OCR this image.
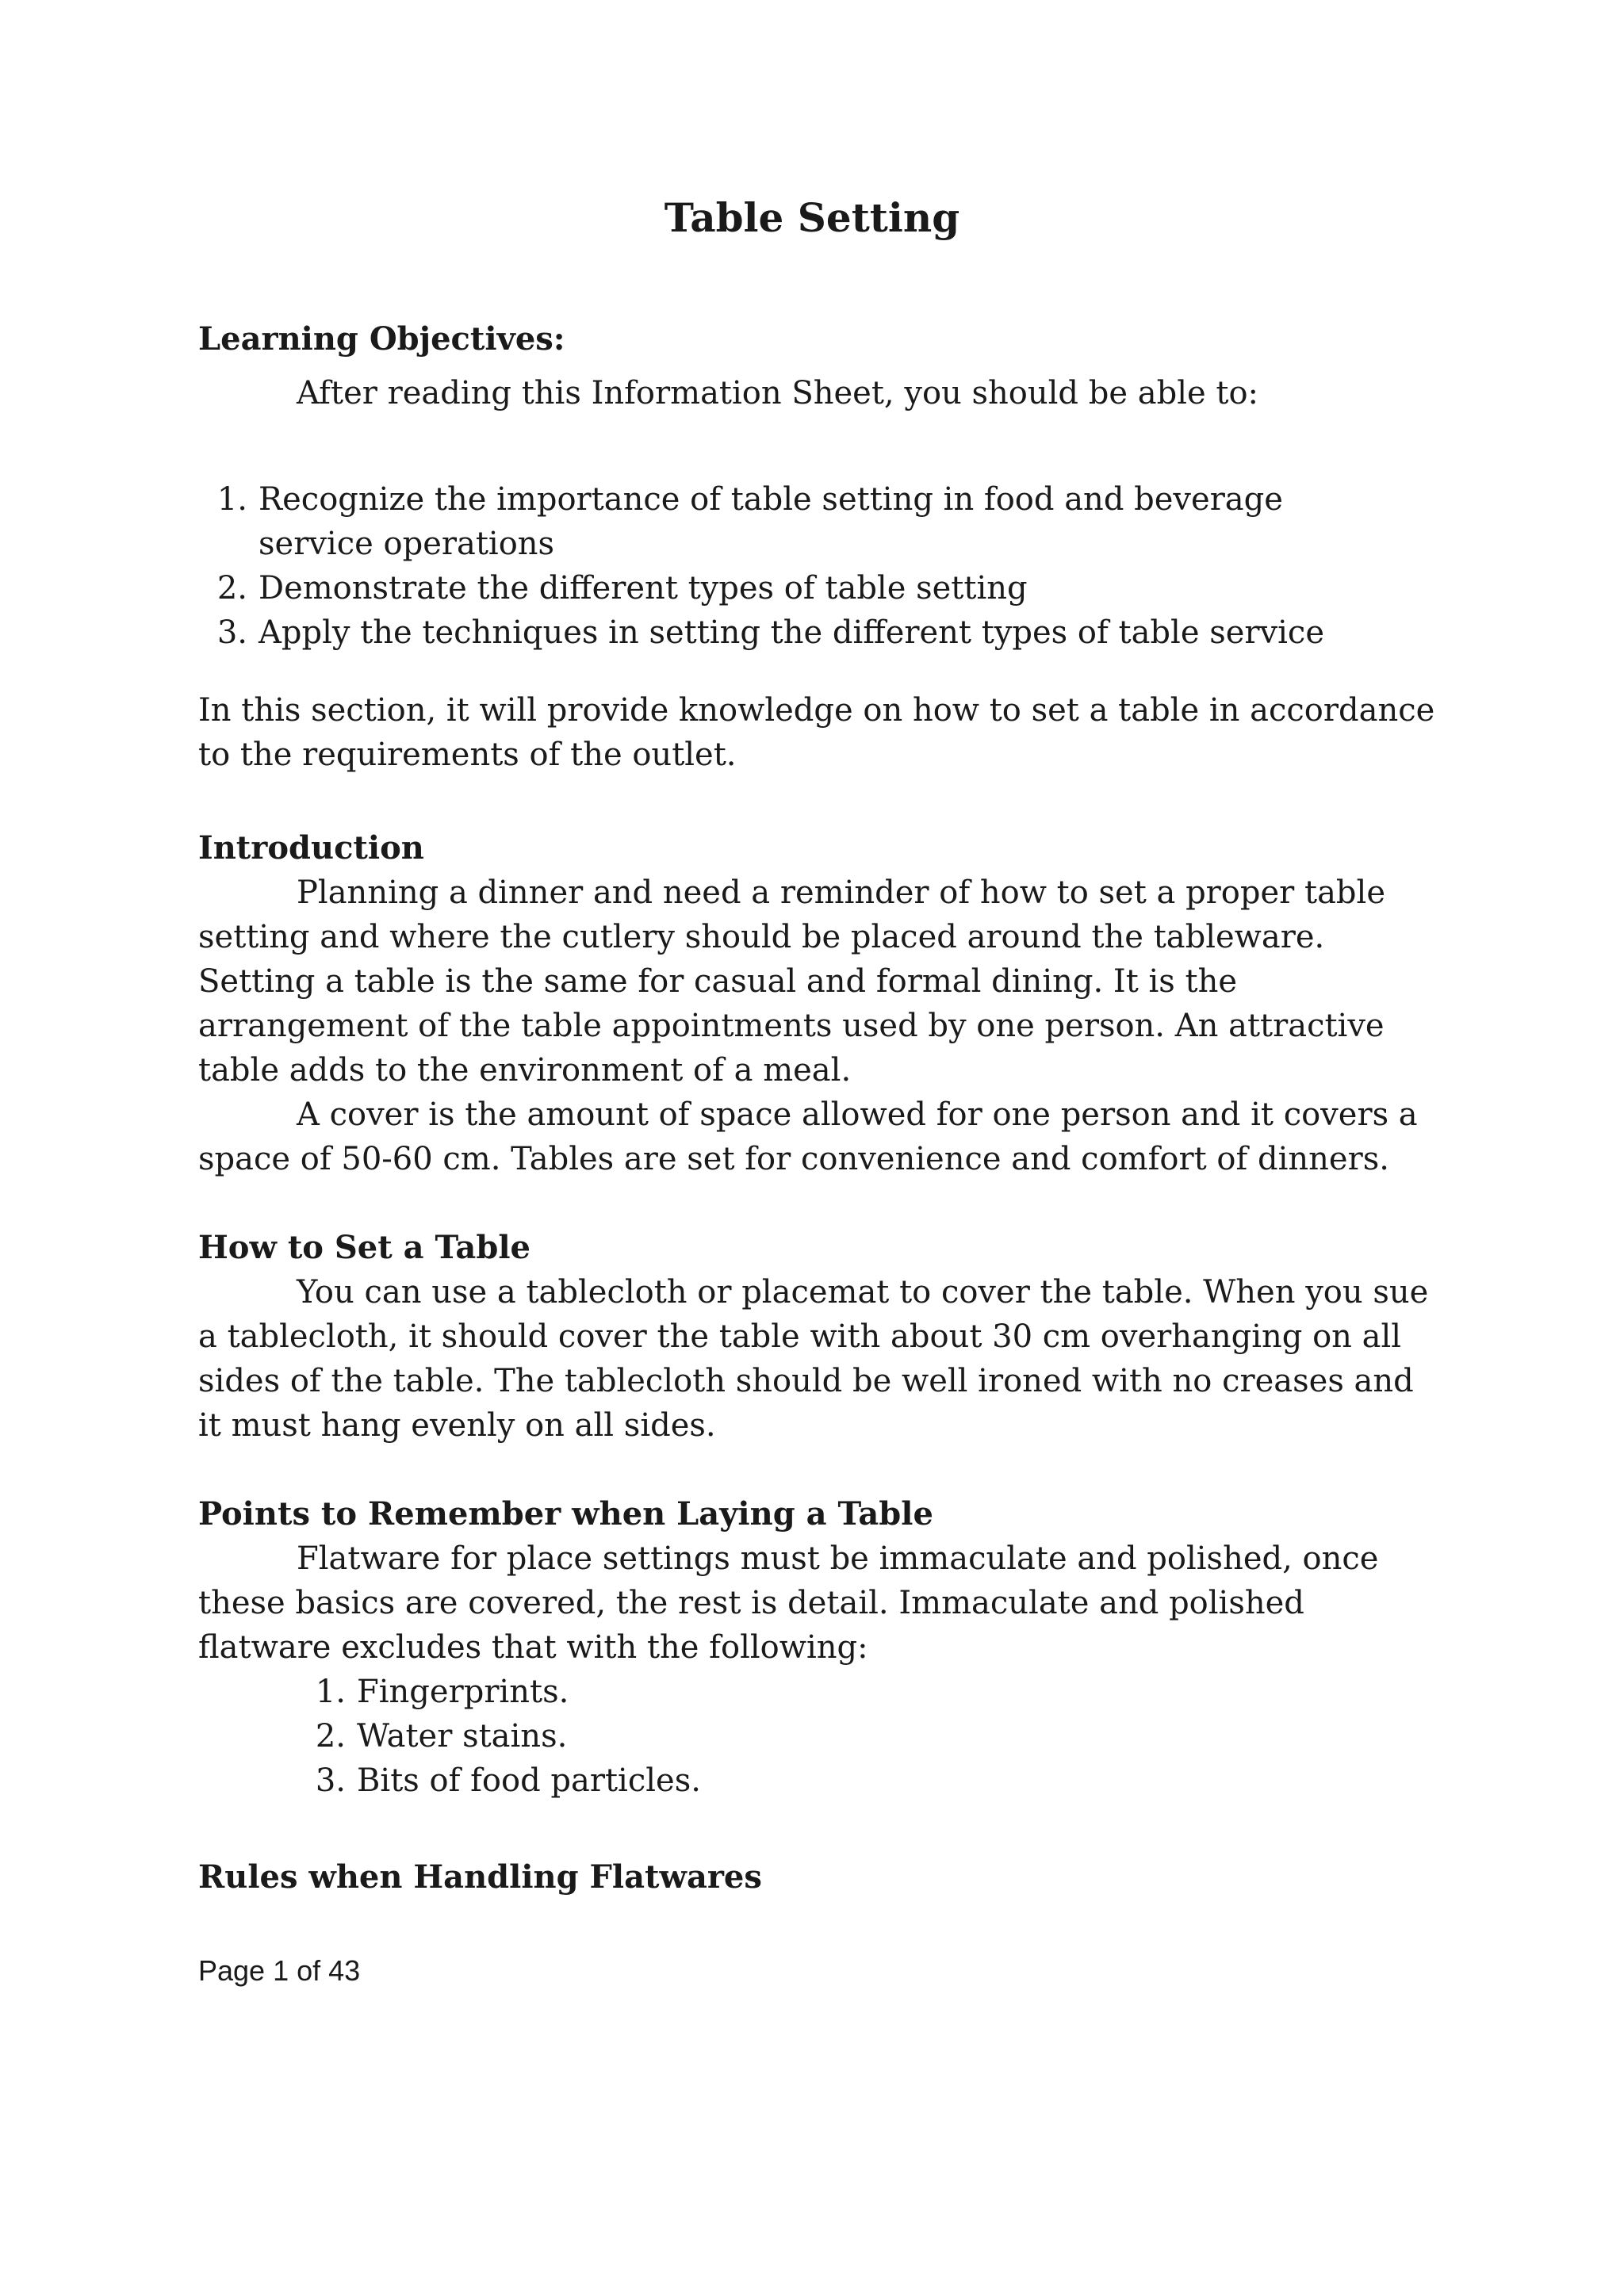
Table Setting
Learning Objectives:

After reading this Information Sheet, you should be able to:

1. Recognize the importance of table setting in food and beverage service operations
2. Demonstrate the different types of table setting
3. Apply the techniques in setting the different types of table service

In this section, it will provide knowledge on how to set a table in accordance to the requirements of the outlet.

Introduction

Planning a dinner and need a reminder of how to set a proper table setting and where the cutlery should be placed around the tableware. Setting a table is the same for casual and formal dining. It is the arrangement of the table appointments used by one person. An attractive table adds to the environment of a meal.

A cover is the amount of space allowed for one person and it covers a space of 50-60 cm. Tables are set for convenience and comfort of dinners.

How to Set a Table

You can use a tablecloth or placemat to cover the table. When you sue a tablecloth, it should cover the table with about 30 cm overhanging on all sides of the table. The tablecloth should be well ironed with no creases and it must hang evenly on all sides.

Points to Remember when Laying a Table

Flatware for place settings must be immaculate and polished, once these basics are covered, the rest is detail. Immaculate and polished flatware excludes that with the following:

1. Fingerprints.
2. Water stains.
3. Bits of food particles.
Rules when Handling Flatwares

Page 1 of 43
